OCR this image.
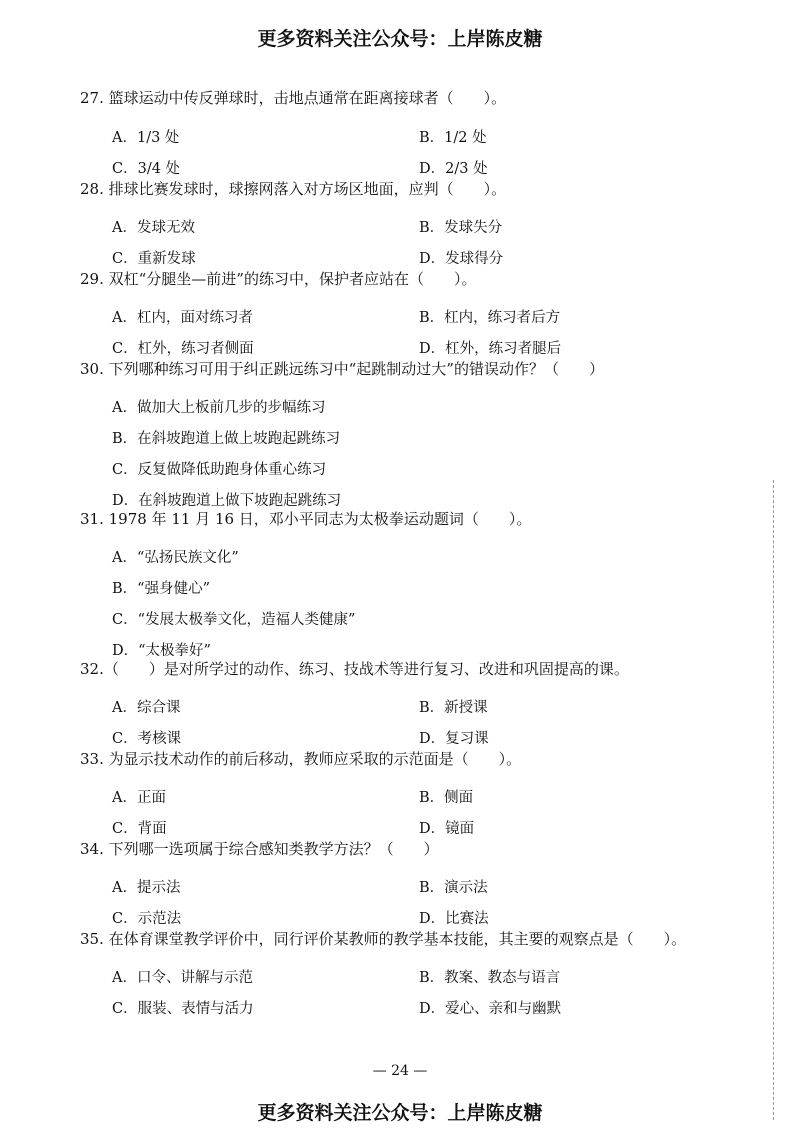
更多资料关注公众号：上岸陈皮糖
27. 篮球运动中传反弹球时，击地点通常在距离接球者（　　）。
A．1/3 处	B．1/2 处
C．3/4 处	D．2/3 处
28. 排球比赛发球时，球擦网落入对方场区地面，应判（　　）。
A．发球无效	B．发球失分
C．重新发球	D．发球得分
29. 双杠“分腿坐—前进”的练习中，保护者应站在（　　）。
A．杠内，面对练习者	B．杠内，练习者后方
C．杠外，练习者侧面	D．杠外，练习者腿后
30. 下列哪种练习可用于纠正跳远练习中“起跳制动过大”的错误动作？（　　）
A．做加大上板前几步的步幅练习
B．在斜坡跑道上做上坡跑起跳练习
C．反复做降低助跑身体重心练习
D．在斜坡跑道上做下坡跑起跳练习
31. 1978 年 11 月 16 日，邓小平同志为太极拳运动题词（　　）。
A．“弘扬民族文化”
B．“强身健心”
C．“发展太极拳文化，造福人类健康”
D．“太极拳好”
32.（　　）是对所学过的动作、练习、技战术等进行复习、改进和巩固提高的课。
A．综合课	B．新授课
C．考核课	D．复习课
33. 为显示技术动作的前后移动，教师应采取的示范面是（　　）。
A．正面	B．侧面
C．背面	D．镜面
34. 下列哪一选项属于综合感知类教学方法？（　　）
A．提示法	B．演示法
C．示范法	D．比赛法
35. 在体育课堂教学评价中，同行评价某教师的教学基本技能，其主要的观察点是（　　）。
A．口令、讲解与示范	B．教案、教态与语言
C．服装、表情与活力	D．爱心、亲和与幽默
— 24 —
更多资料关注公众号：上岸陈皮糖
